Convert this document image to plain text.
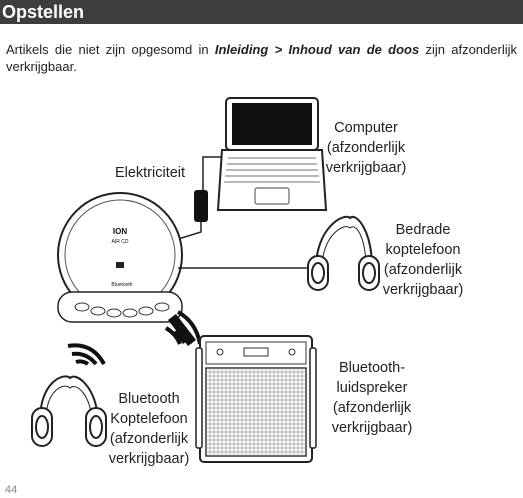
Opstellen
Artikels die niet zijn opgesomd in Inleiding > Inhoud van de doos zijn afzonderlijk verkrijgbaar.
ION
AIR CD
Bluetooth
Computer
(afzonderlijk
verkrijgbaar)
Elektriciteit
Bedrade
koptelefoon
(afzonderlijk
verkrijgbaar)
Bluetooth
Koptelefoon
(afzonderlijk
verkrijgbaar)
Bluetooth-
luidspreker
(afzonderlijk
verkrijgbaar)
44
